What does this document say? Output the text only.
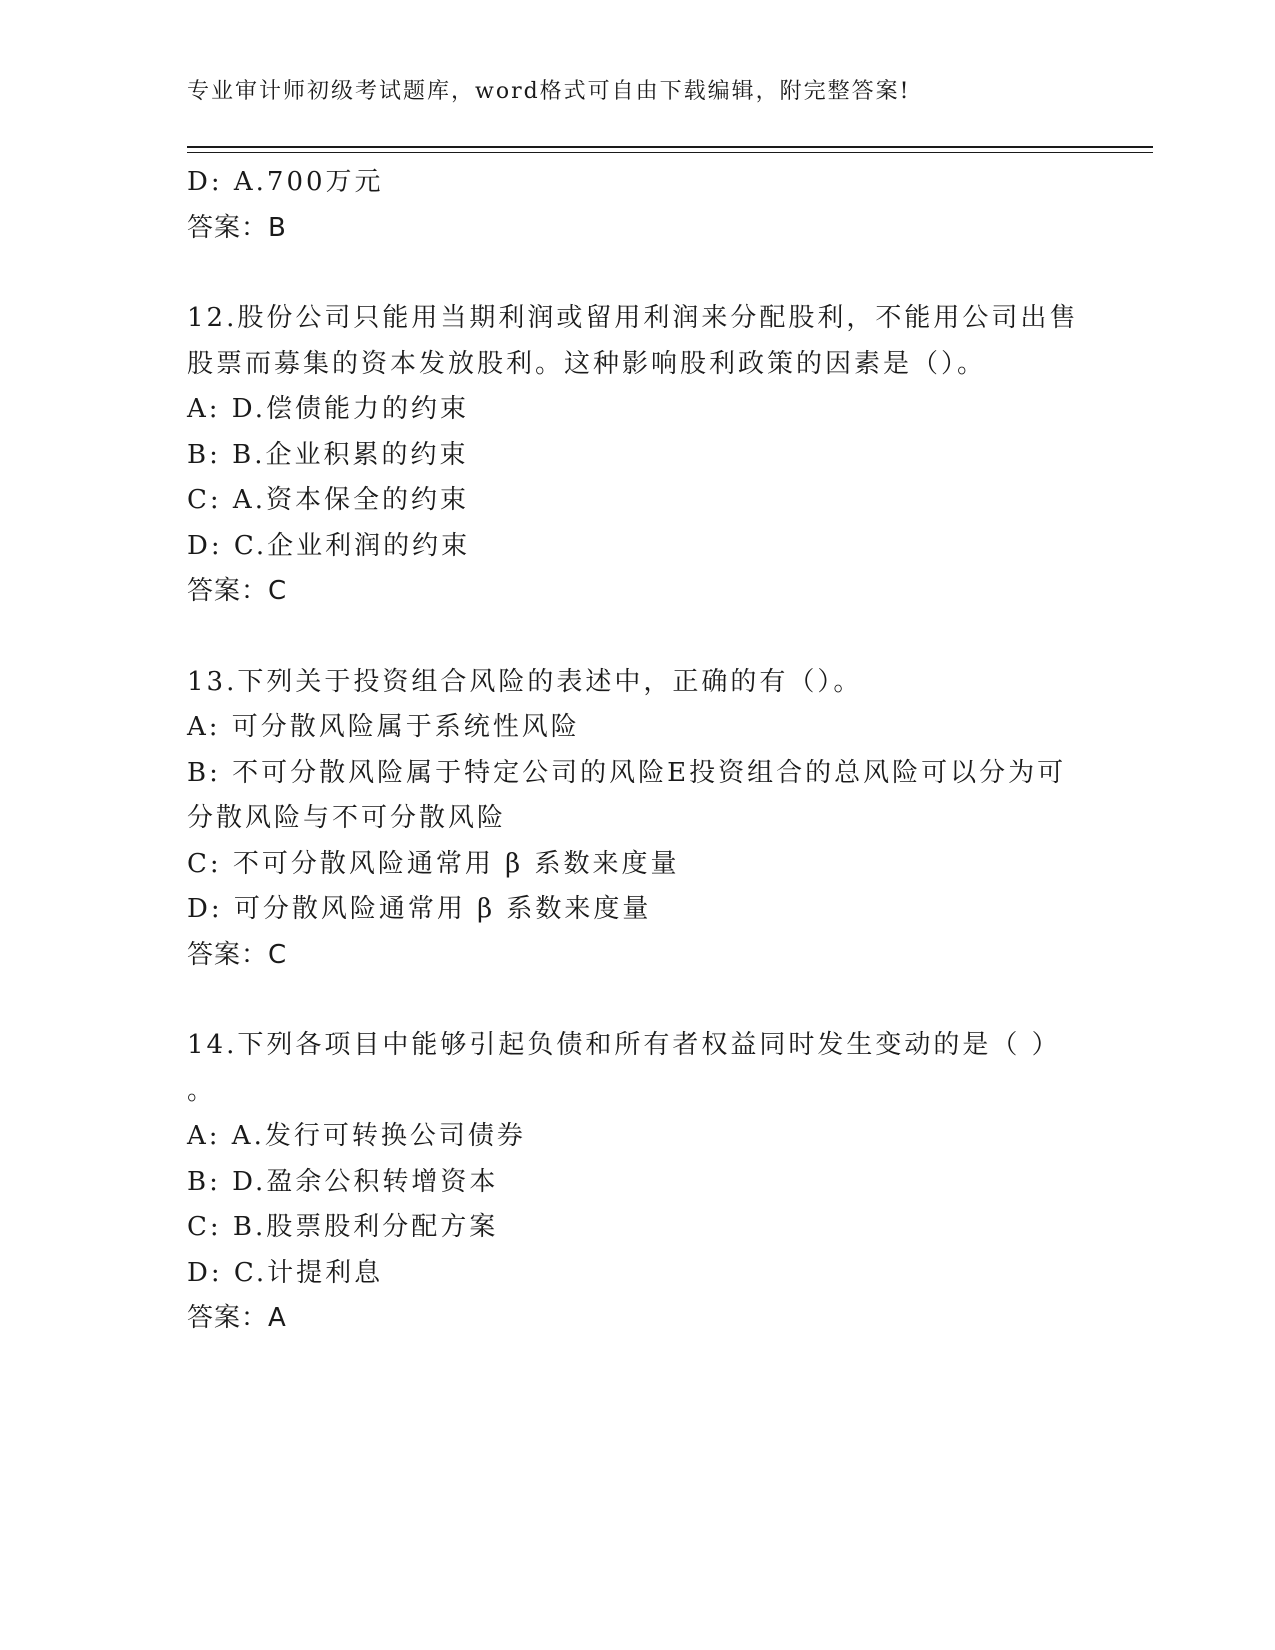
专业审计师初级考试题库，word格式可自由下载编辑，附完整答案!
D: A.700万元
答案：B
12.股份公司只能用当期利润或留用利润来分配股利，不能用公司出售
股票而募集的资本发放股利。这种影响股利政策的因素是（）。
A: D.偿债能力的约束
B: B.企业积累的约束
C: A.资本保全的约束
D: C.企业利润的约束
答案：C
13.下列关于投资组合风险的表述中，正确的有（）。
A: 可分散风险属于系统性风险
B: 不可分散风险属于特定公司的风险E投资组合的总风险可以分为可
分散风险与不可分散风险
C: 不可分散风险通常用 β 系数来度量
D: 可分散风险通常用 β 系数来度量
答案：C
14.下列各项目中能够引起负债和所有者权益同时发生变动的是（ ）
。
A: A.发行可转换公司债券
B: D.盈余公积转增资本
C: B.股票股利分配方案
D: C.计提利息
答案：A
